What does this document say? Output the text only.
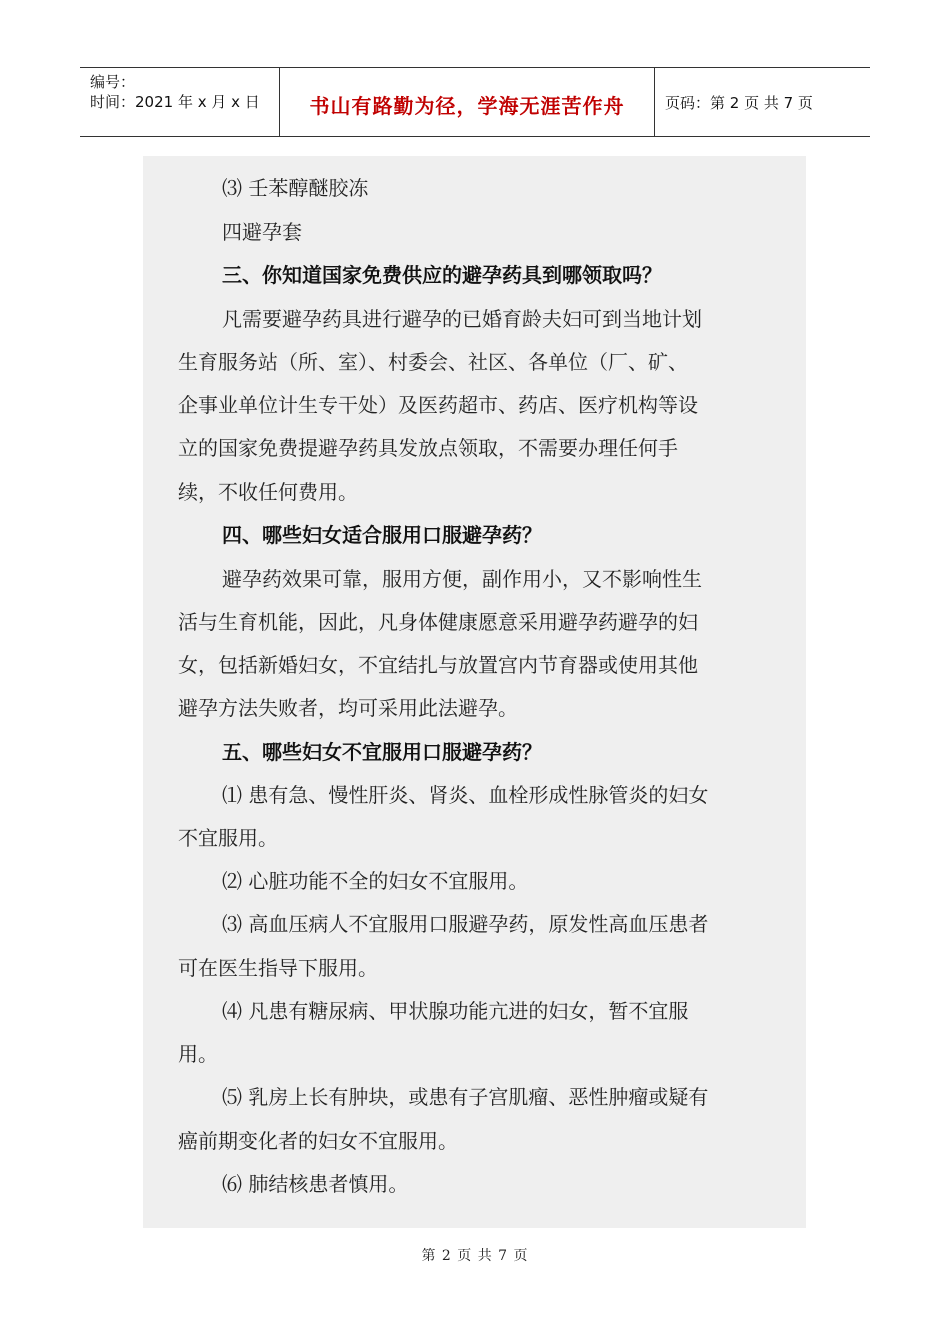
编号：
时间：2021 年 x 月 x 日	书山有路勤为径，学海无涯苦作舟	页码：第 2 页 共 7 页
⑶ 壬苯醇醚胶冻
四避孕套
三、你知道国家免费供应的避孕药具到哪领取吗？
凡需要避孕药具进行避孕的已婚育龄夫妇可到当地计划
生育服务站（所、室）、村委会、社区、各单位（厂、矿、
企事业单位计生专干处）及医药超市、药店、医疗机构等设
立的国家免费提避孕药具发放点领取，不需要办理任何手
续，不收任何费用。
四、哪些妇女适合服用口服避孕药？
避孕药效果可靠，服用方便，副作用小，又不影响性生
活与生育机能，因此，凡身体健康愿意采用避孕药避孕的妇
女，包括新婚妇女，不宜结扎与放置宫内节育器或使用其他
避孕方法失败者，均可采用此法避孕。
五、哪些妇女不宜服用口服避孕药？
⑴ 患有急、慢性肝炎、肾炎、血栓形成性脉管炎的妇女
不宜服用。
⑵ 心脏功能不全的妇女不宜服用。
⑶ 高血压病人不宜服用口服避孕药，原发性高血压患者
可在医生指导下服用。
⑷ 凡患有糖尿病、甲状腺功能亢进的妇女，暂不宜服
用。
⑸ 乳房上长有肿块，或患有子宫肌瘤、恶性肿瘤或疑有
癌前期变化者的妇女不宜服用。
⑹ 肺结核患者慎用。
第 2 页 共 7 页
